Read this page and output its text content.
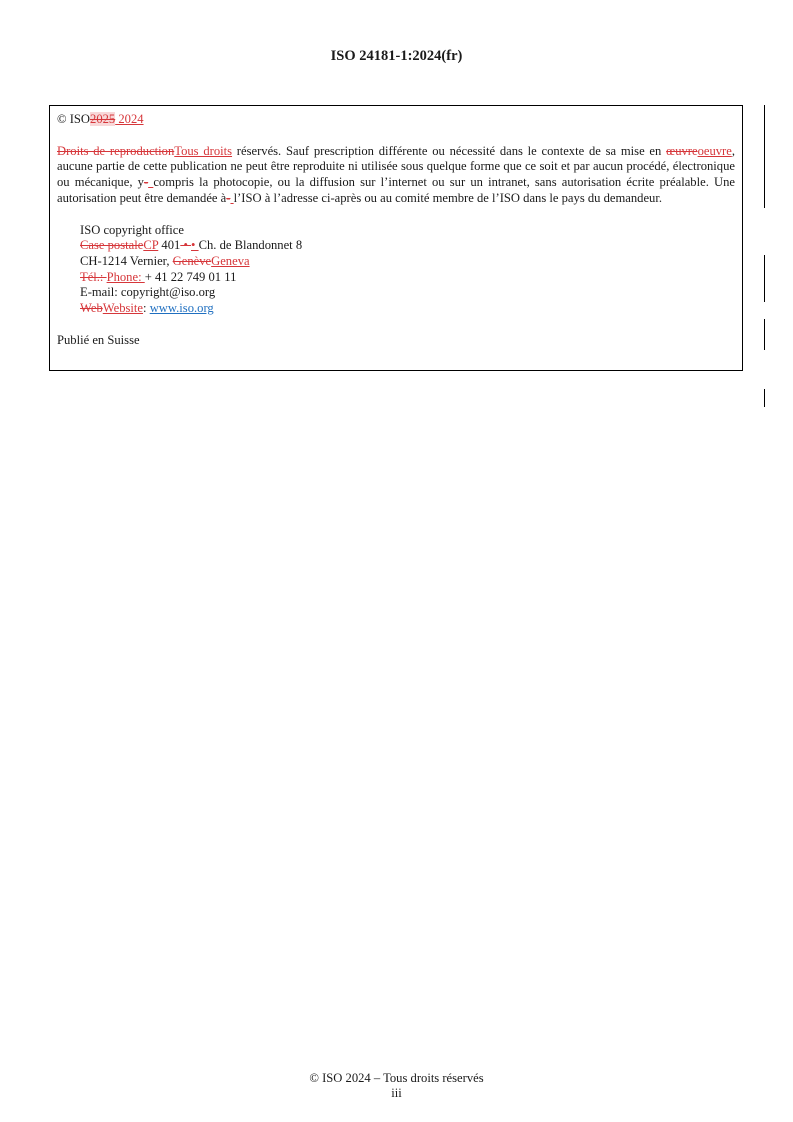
ISO 24181-1:2024(fr)

© ISO2025 2024

Droits de reproductionTous droits réservés. Sauf prescription différente ou nécessité dans le contexte de sa mise en œuvreoeuvre, aucune partie de cette publication ne peut être reproduite ni utilisée sous quelque forme que ce soit et par aucun procédé, électronique ou mécanique, y- compris la photocopie, ou la diffusion sur l’internet ou sur un intranet, sans autorisation écrite préalable. Une autorisation peut être demandée à- l’ISO à l’adresse ci-après ou au comité membre de l’ISO dans le pays du demandeur.

ISO copyright office
Case postaleCP 401 • • Ch. de Blandonnet 8
CH-1214 Vernier, GenèveGeneva
Tél.: Phone: + 41 22 749 01 11
E-mail: copyright@iso.org
WebWebsite: www.iso.org

Publié en Suisse

© ISO 2024 – Tous droits réservés
iii
